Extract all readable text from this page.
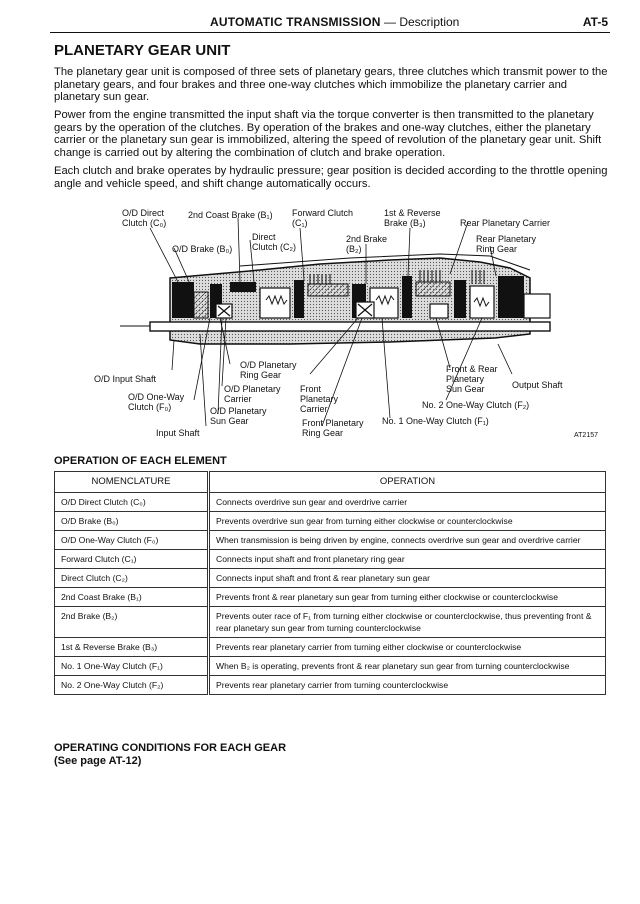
AUTOMATIC TRANSMISSION — Description	AT-5
PLANETARY GEAR UNIT

The planetary gear unit is composed of three sets of planetary gears, three clutches which transmit power to the planetary gears, and four brakes and three one-way clutches which immobilize the planetary carrier and planetary sun gear.

Power from the engine transmitted the input shaft via the torque converter is then transmitted to the planetary gears by the operation of the clutches. By operation of the brakes and one-way clutches, either the planetary carrier or the planetary sun gear is immobilized, altering the speed of revolution of the planetary gear unit. Shift change is carried out by altering the combination of clutch and brake operation.

Each clutch and brake operates by hydraulic pressure; gear position is decided according to the throttle opening angle and vehicle speed, and shift change automatically occurs.

O/D Direct
Clutch (C₀)
2nd Coast Brake (B₁) Forward Clutch
(C₁)
1st & Reverse
Brake (B₃)	Rear Planetary Carrier
Direct
Clutch (C₂)
O/D Brake (B₀)
2nd Brake
(B₂)
Rear Planetary
Ring Gear
O/D Planetary
Ring Gear
O/D Input Shaft
O/D Planetary
Carrier
Front
Planetary
Carrier
Front & Rear
Planetary
Sun Gear	Output Shaft
O/D One-Way
Clutch (F₀)	O/D Planetary
Sun Gear
No. 2 One-Way Clutch (F₂)
Input Shaft
Front Planetary
Ring Gear
No. 1 One-Way Clutch (F₁)
AT2157
OPERATION OF EACH ELEMENT
NOMENCLATURE	OPERATION
O/D Direct Clutch (C₀)	Connects overdrive sun gear and overdrive carrier
O/D Brake (B₀)	Prevents overdrive sun gear from turning either clockwise or counterclockwise
O/D One-Way Clutch (F₀)	When transmission is being driven by engine, connects overdrive sun gear and overdrive carrier
Forward Clutch (C₁)	Connects input shaft and front planetary ring gear
Direct Clutch (C₂)	Connects input shaft and front & rear planetary sun gear
2nd Coast Brake (B₁)	Prevents front & rear planetary sun gear from turning either clockwise or counterclockwise
2nd Brake (B₂)	Prevents outer race of F₁ from turning either clockwise or counterclockwise, thus preventing front & rear planetary sun gear from turning counterclockwise
1st & Reverse Brake (B₃)	Prevents rear planetary carrier from turning either clockwise or counterclockwise
No. 1 One-Way Clutch (F₁)	When B₂ is operating, prevents front & rear planetary sun gear from turning counterclockwise
No. 2 One-Way Clutch (F₂)	Prevents rear planetary carrier from turning counterclockwise
OPERATING CONDITIONS FOR EACH GEAR
(See page AT-12)
